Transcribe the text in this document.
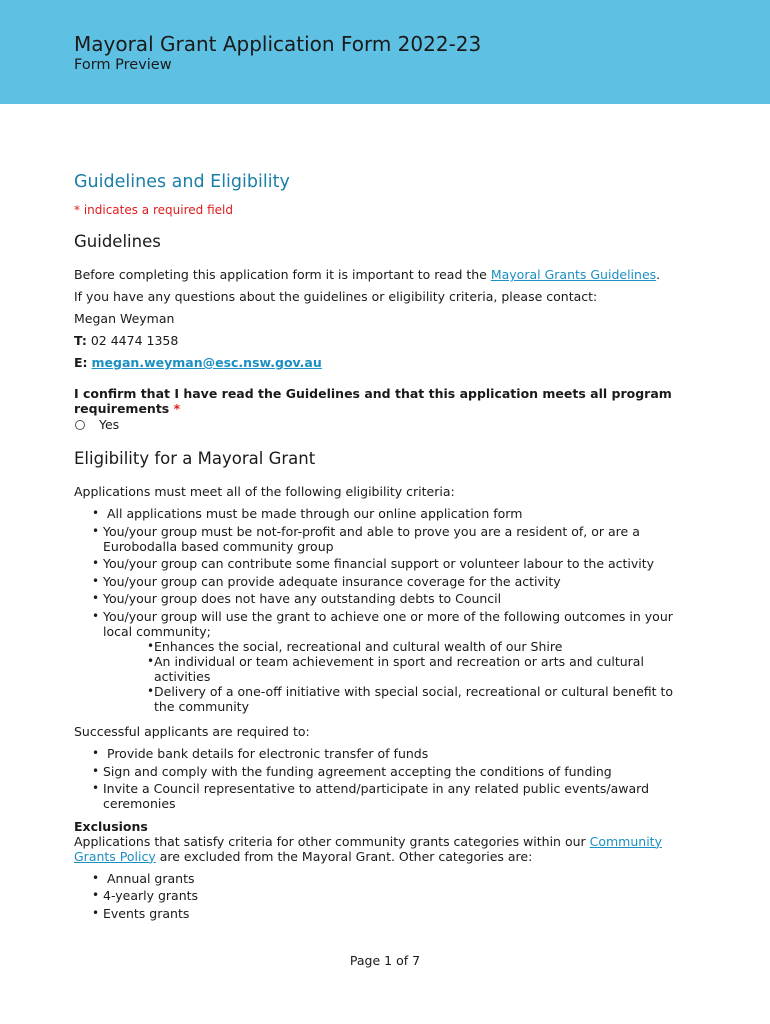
Mayoral Grant Application Form 2022-23
Form Preview
Guidelines and Eligibility
* indicates a required field
Guidelines

Before completing this application form it is important to read the Mayoral Grants Guidelines.

If you have any questions about the guidelines or eligibility criteria, please contact:

Megan Weyman

T: 02 4474 1358

E: megan.weyman@esc.nsw.gov.au

I confirm that I have read the Guidelines and that this application meets all program requirements *
Yes
Eligibility for a Mayoral Grant

Applications must meet all of the following eligibility criteria:

• All applications must be made through our online application form
• You/your group must be not-for-profit and able to prove you are a resident of, or are a Eurobodalla based community group
• You/your group can contribute some financial support or volunteer labour to the activity
• You/your group can provide adequate insurance coverage for the activity
• You/your group does not have any outstanding debts to Council
• You/your group will use the grant to achieve one or more of the following outcomes in your local community;
• Enhances the social, recreational and cultural wealth of our Shire
• An individual or team achievement in sport and recreation or arts and cultural activities
• Delivery of a one-off initiative with special social, recreational or cultural benefit to the community

Successful applicants are required to:

• Provide bank details for electronic transfer of funds
• Sign and comply with the funding agreement accepting the conditions of funding
• Invite a Council representative to attend/participate in any related public events/award ceremonies
Exclusions

Applications that satisfy criteria for other community grants categories within our Community Grants Policy are excluded from the Mayoral Grant. Other categories are:

• Annual grants
• 4-yearly grants
• Events grants
Page 1 of 7
